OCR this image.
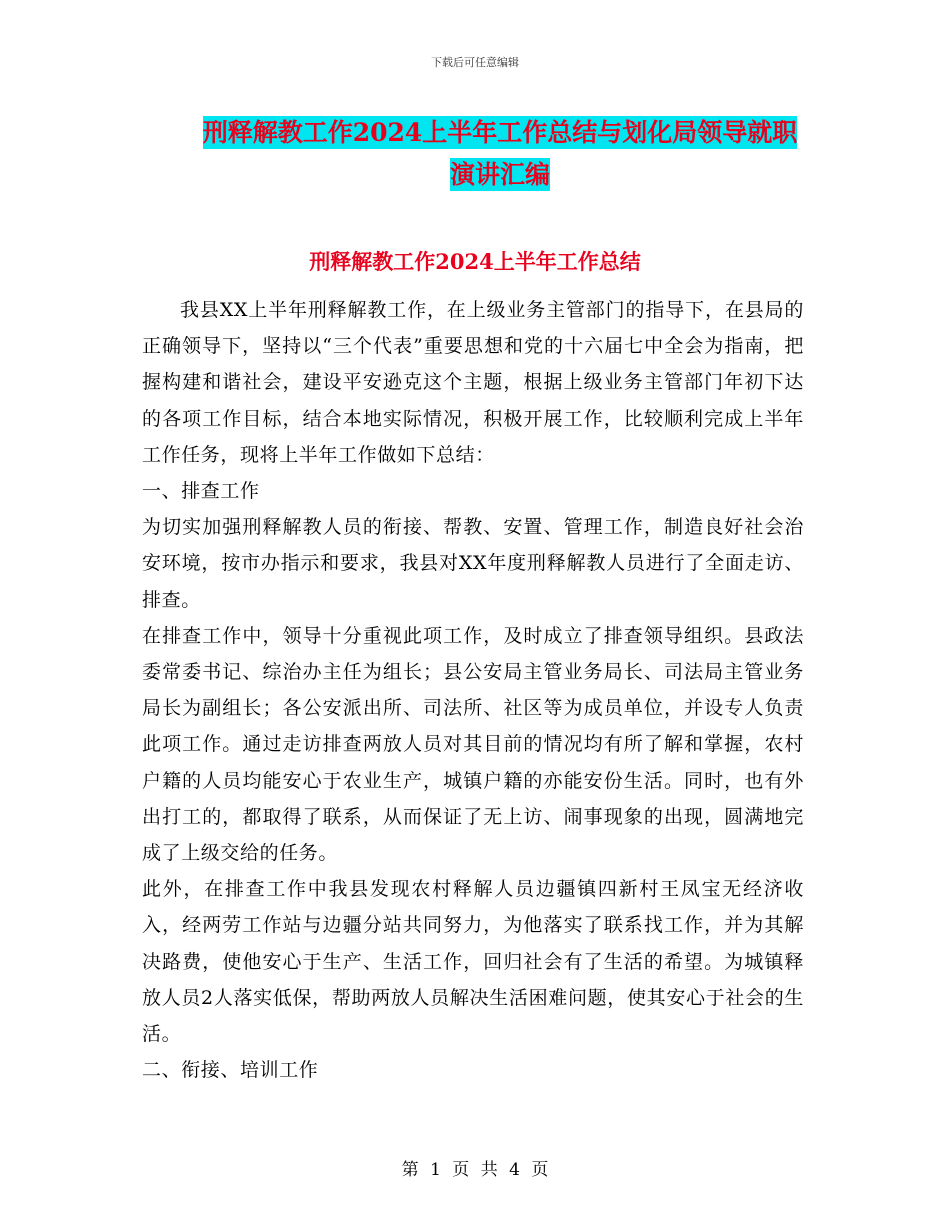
下载后可任意编辑
刑释解教工作2024上半年工作总结与划化局领导就职
演讲汇编
刑释解教工作2024上半年工作总结

我县XX上半年刑释解教工作，在上级业务主管部门的指导下，在县局的正确领导下，坚持以“三个代表”重要思想和党的十六届七中全会为指南，把握构建和谐社会，建设平安逊克这个主题，根据上级业务主管部门年初下达的各项工作目标，结合本地实际情况，积极开展工作，比较顺利完成上半年工作任务，现将上半年工作做如下总结：

一、排查工作

为切实加强刑释解教人员的衔接、帮教、安置、管理工作，制造良好社会治安环境，按市办指示和要求，我县对XX年度刑释解教人员进行了全面走访、排查。

在排查工作中，领导十分重视此项工作，及时成立了排查领导组织。县政法委常委书记、综治办主任为组长；县公安局主管业务局长、司法局主管业务局长为副组长；各公安派出所、司法所、社区等为成员单位，并设专人负责此项工作。通过走访排查两放人员对其目前的情况均有所了解和掌握，农村户籍的人员均能安心于农业生产，城镇户籍的亦能安份生活。同时，也有外出打工的，都取得了联系，从而保证了无上访、闹事现象的出现，圆满地完成了上级交给的任务。

此外，在排查工作中我县发现农村释解人员边疆镇四新村王凤宝无经济收入，经两劳工作站与边疆分站共同努力，为他落实了联系找工作，并为其解决路费，使他安心于生产、生活工作，回归社会有了生活的希望。为城镇释放人员2人落实低保，帮助两放人员解决生活困难问题，使其安心于社会的生活。

二、衔接、培训工作

第 1 页 共 4 页
